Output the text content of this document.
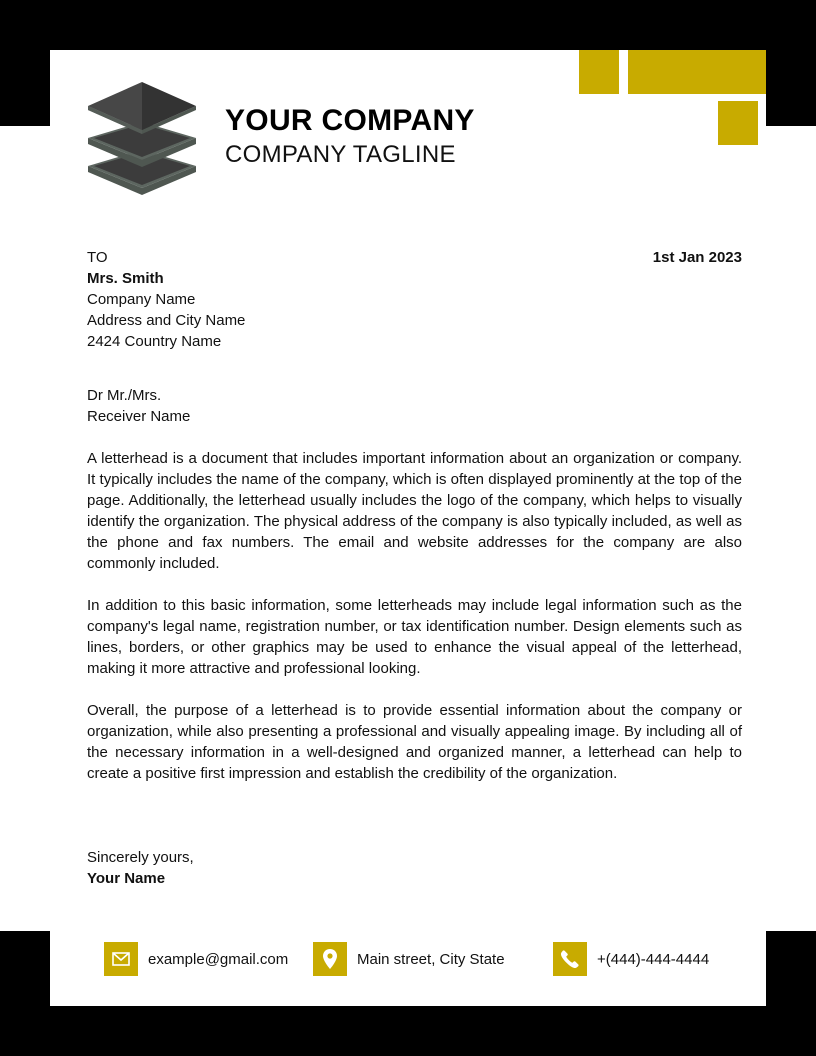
YOUR COMPANY
COMPANY TAGLINE
TO
Mrs. Smith
Company Name
Address and City Name
2424 Country Name
1st Jan 2023
Dr Mr./Mrs.
Receiver Name

A letterhead is a document that includes important information about an organization or company. It typically includes the name of the company, which is often displayed prominently at the top of the page. Additionally, the letterhead usually includes the logo of the company, which helps to visually identify the organization. The physical address of the company is also typically included, as well as the phone and fax numbers. The email and website addresses for the company are also commonly included.

In addition to this basic information, some letterheads may include legal information such as the company's legal name, registration number, or tax identification number. Design elements such as lines, borders, or other graphics may be used to enhance the visual appeal of the letterhead, making it more attractive and professional looking.

Overall, the purpose of a letterhead is to provide essential information about the company or organization, while also presenting a professional and visually appealing image. By including all of the necessary information in a well-designed and organized manner, a letterhead can help to create a positive first impression and establish the credibility of the organization.

Sincerely yours,
Your Name
example@gmail.com	Main street, City State	+(444)-444-4444
